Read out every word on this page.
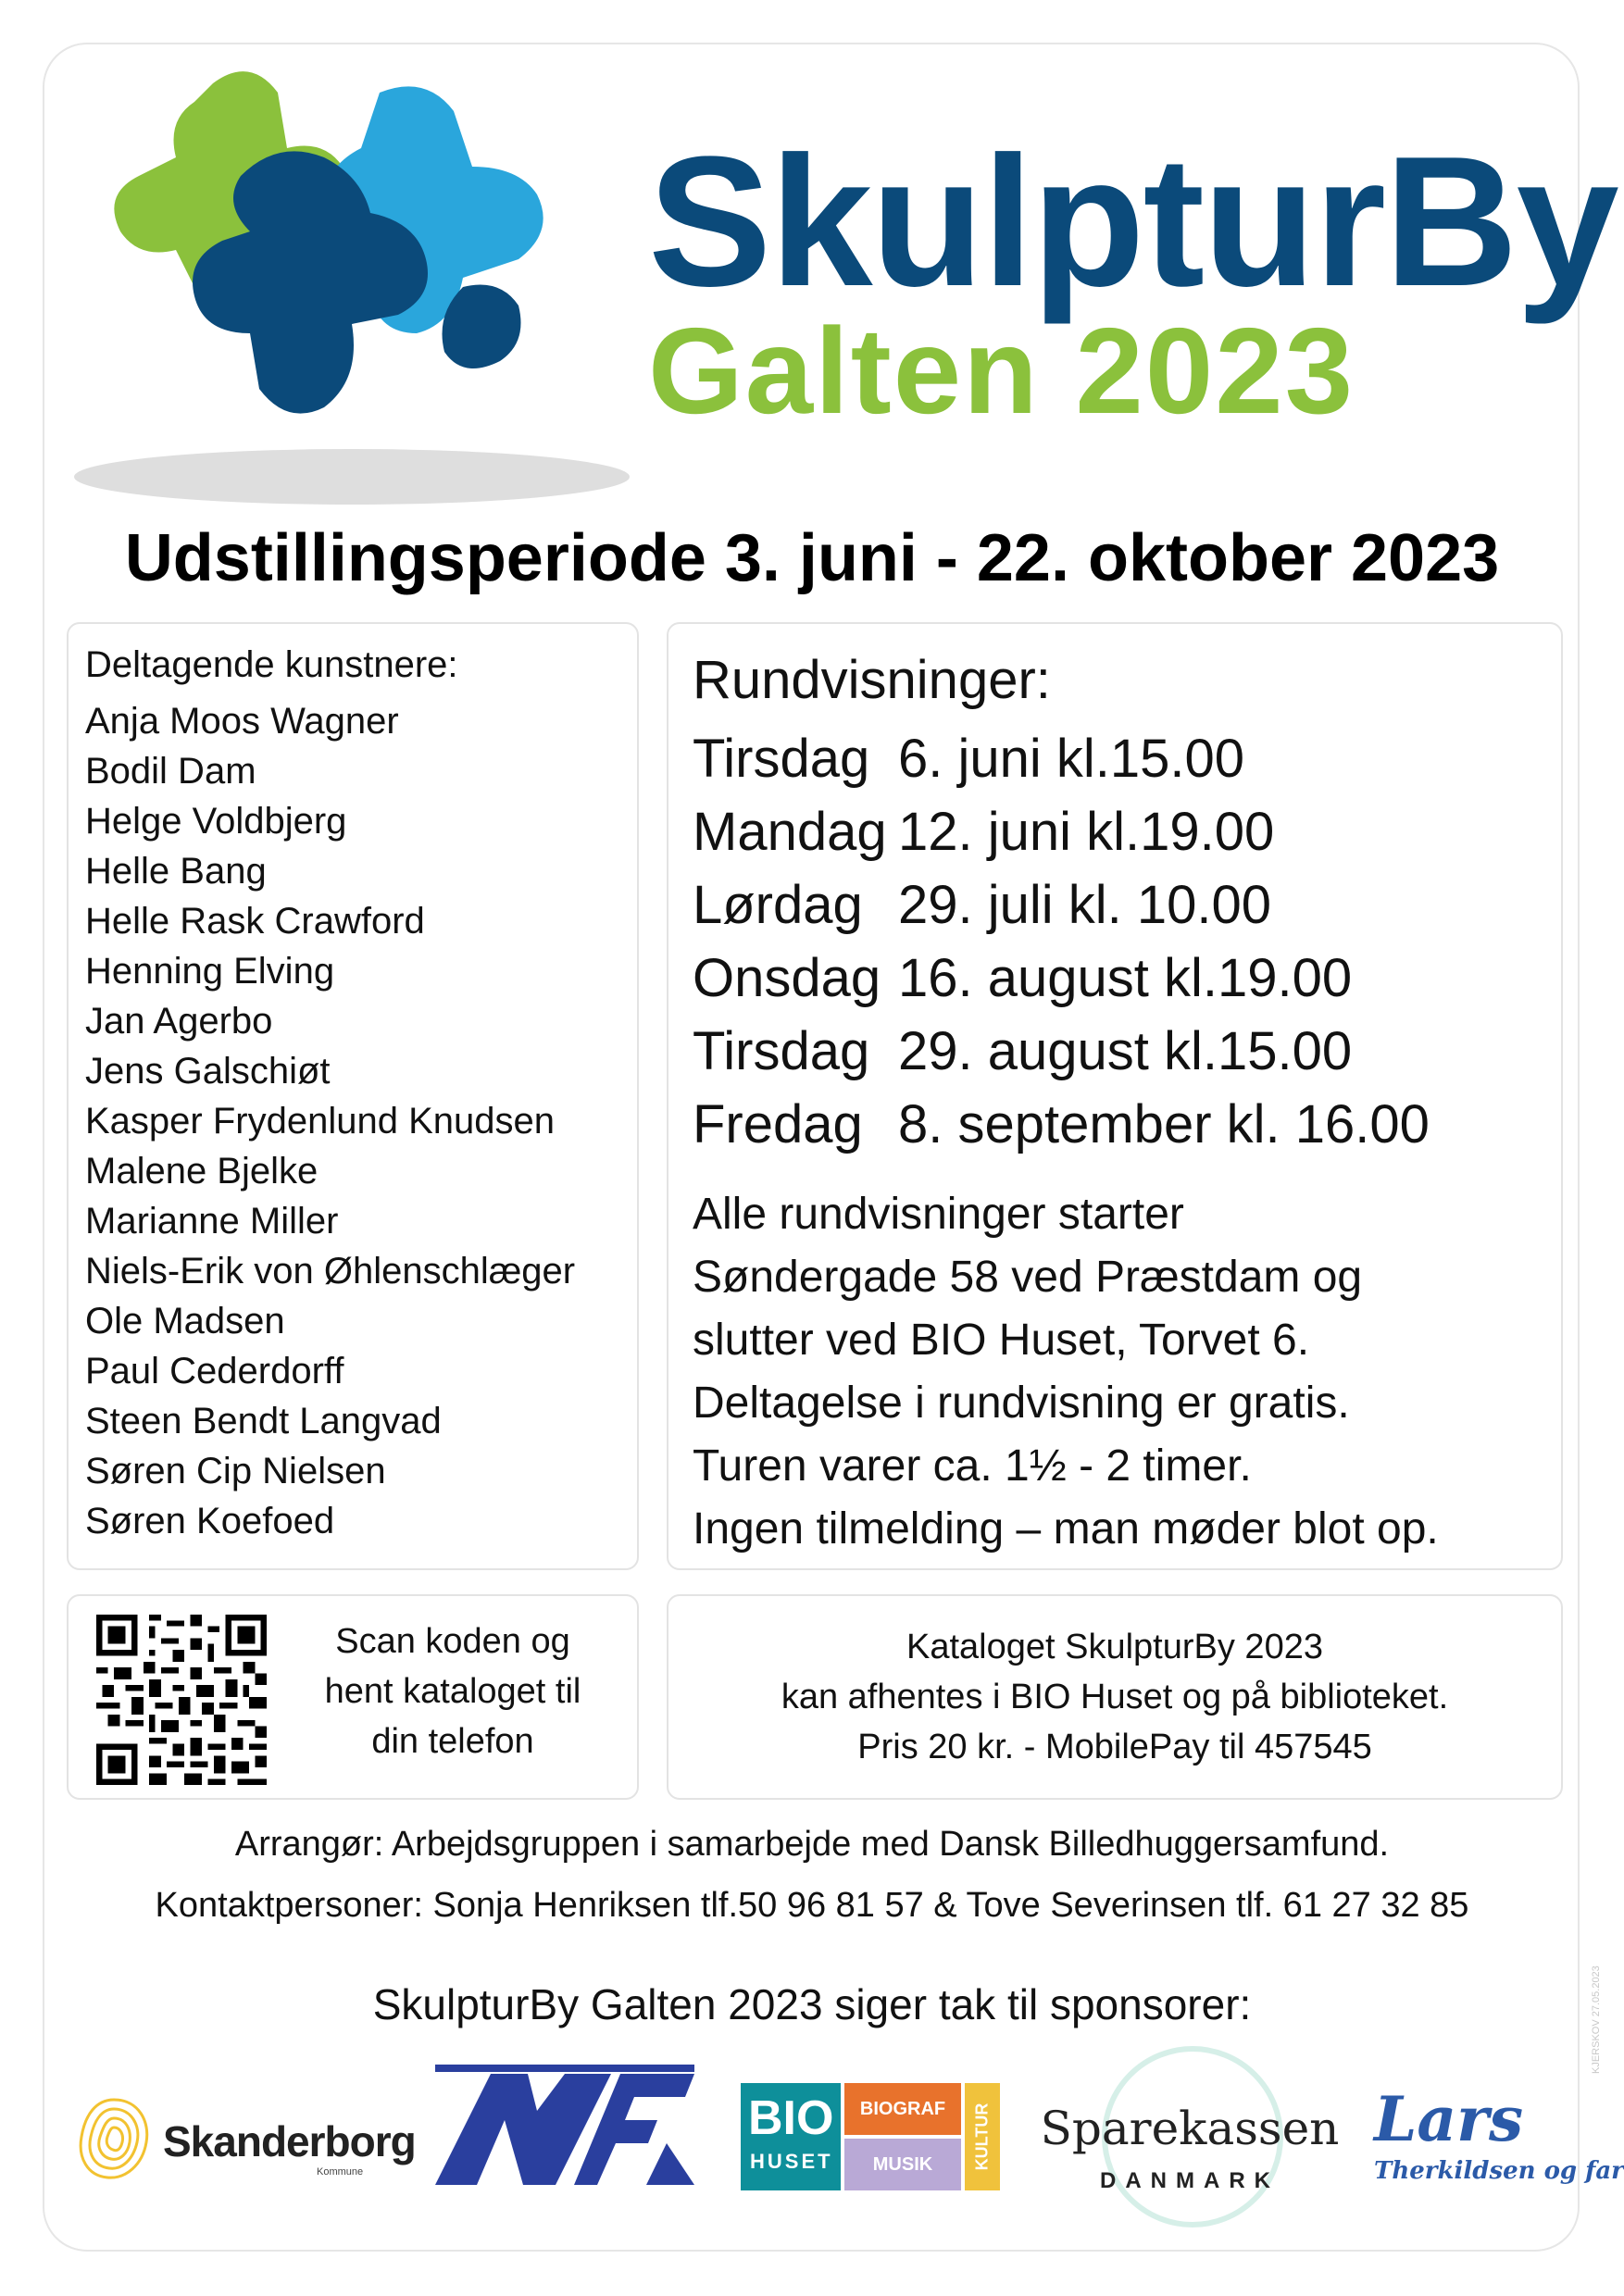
SkulpturBy
Galten 2023
Udstillingsperiode 3. juni - 22. oktober 2023
Deltagende kunstnere:
Anja Moos Wagner
Bodil Dam
Helge Voldbjerg
Helle Bang
Helle Rask Crawford
Henning Elving
Jan Agerbo
Jens Galschiøt
Kasper Frydenlund Knudsen
Malene Bjelke
Marianne Miller
Niels-Erik von Øhlenschlæger
Ole Madsen
Paul Cederdorff
Steen Bendt Langvad
Søren Cip Nielsen
Søren Koefoed
Rundvisninger:
Tirsdag 6. juni kl.15.00
Mandag 12. juni kl.19.00
Lørdag 29. juli kl. 10.00
Onsdag 16. august kl.19.00
Tirsdag 29. august kl.15.00
Fredag 8. september kl. 16.00
Alle rundvisninger starter
Søndergade 58 ved Præstdam og
slutter ved BIO Huset, Torvet 6.
Deltagelse i rundvisning er gratis.
Turen varer ca. 1½ - 2 timer.
Ingen tilmelding – man møder blot op.
Scan koden og
hent kataloget til
din telefon
Kataloget SkulpturBy 2023
kan afhentes i BIO Huset og på biblioteket.
Pris 20 kr. - MobilePay til 457545
Arrangør: Arbejdsgruppen i samarbejde med Dansk Billedhuggersamfund.
Kontaktpersoner: Sonja Henriksen tlf.50 96 81 57 & Tove Severinsen tlf. 61 27 32 85
SkulpturBy Galten 2023 siger tak til sponsorer:
Skanderborg
Kommune
BIO
HUSET
BIOGRAF
MUSIK	KULTUR Sparekassen
DANMARK
Lars
Therkildsen og far
KJERSKOV 27.05.2023
